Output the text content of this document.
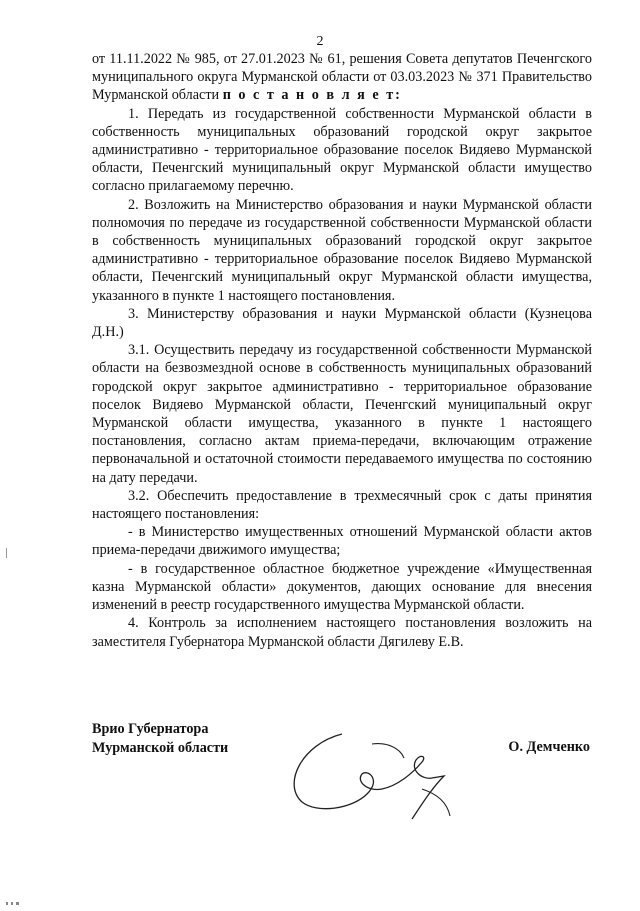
2

от 11.11.2022 № 985, от 27.01.2023 № 61, решения Совета депутатов Печенгского муниципального округа Мурманской области от 03.03.2023 № 371 Правительство Мурманской области п о с т а н о в л я е т:

1. Передать из государственной собственности Мурманской области в собственность муниципальных образований городской округ закрытое административно - территориальное образование поселок Видяево Мурманской области, Печенгский муниципальный округ Мурманской области имущество согласно прилагаемому перечню.

2. Возложить на Министерство образования и науки Мурманской области полномочия по передаче из государственной собственности Мурманской области в собственность муниципальных образований городской округ закрытое административно - территориальное образование поселок Видяево Мурманской области, Печенгский муниципальный округ Мурманской области имущества, указанного в пункте 1 настоящего постановления.

3. Министерству образования и науки Мурманской области (Кузнецова Д.Н.)

3.1. Осуществить передачу из государственной собственности Мурманской области на безвозмездной основе в собственность муниципальных образований городской округ закрытое административно - территориальное образование поселок Видяево Мурманской области, Печенгский муниципальный округ Мурманской области имущества, указанного в пункте 1 настоящего постановления, согласно актам приема-передачи, включающим отражение первоначальной и остаточной стоимости передаваемого имущества по состоянию на дату передачи.

3.2. Обеспечить предоставление в трехмесячный срок с даты принятия настоящего постановления:

- в Министерство имущественных отношений Мурманской области актов приема-передачи движимого имущества;

- в государственное областное бюджетное учреждение «Имущественная казна Мурманской области» документов, дающих основание для внесения изменений в реестр государственного имущества Мурманской области.

4. Контроль за исполнением настоящего постановления возложить на заместителя Губернатора Мурманской области Дягилеву Е.В.

Врио Губернатора
Мурманской области	О. Демченко
